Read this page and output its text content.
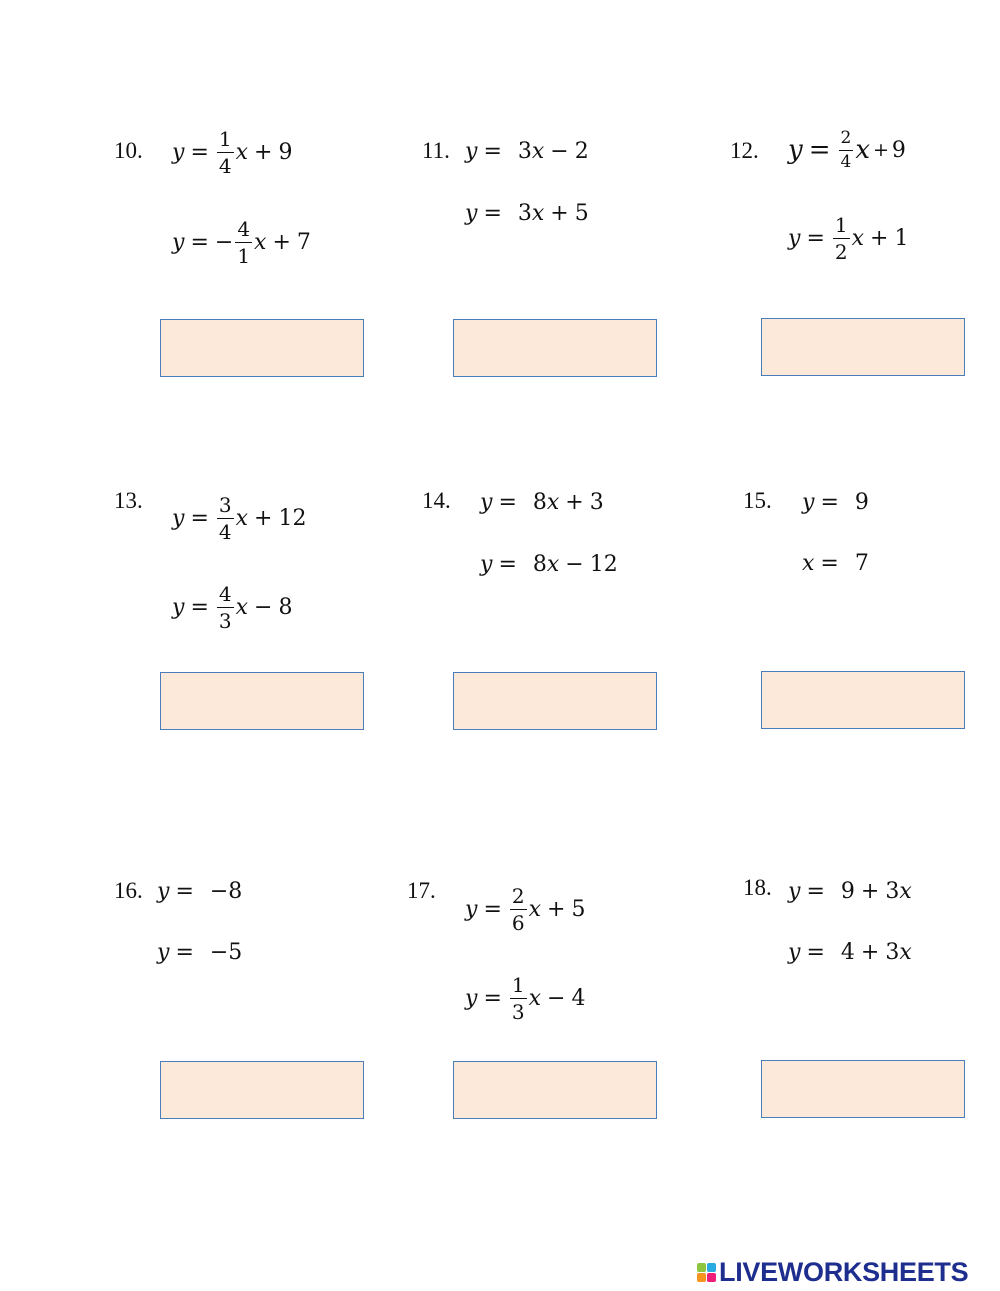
10. $y = \frac{1}{4}$ x + 9
y = − $\frac{4}{1}$ x + 7
11. y = 3 x − 2
y = 3 x + 5
12. $y = \frac{2}{4}$ x + 9
$y = \frac{1}{2}$ x + 1
13.
$y = \frac{3}{4}$ x + 12
$y = \frac{4}{3}$ x − 8
14. y = 8 x + 3
y = 8 x − 12
15. y = 9
x = 7
16. y = −8
y = −5
17.
$y = \frac{2}{6}$ x + 5
$y = \frac{1}{3}$ x − 4
18. y = 9 + 3 x
y = 4 + 3 x
LIVEWORKSHEETS
